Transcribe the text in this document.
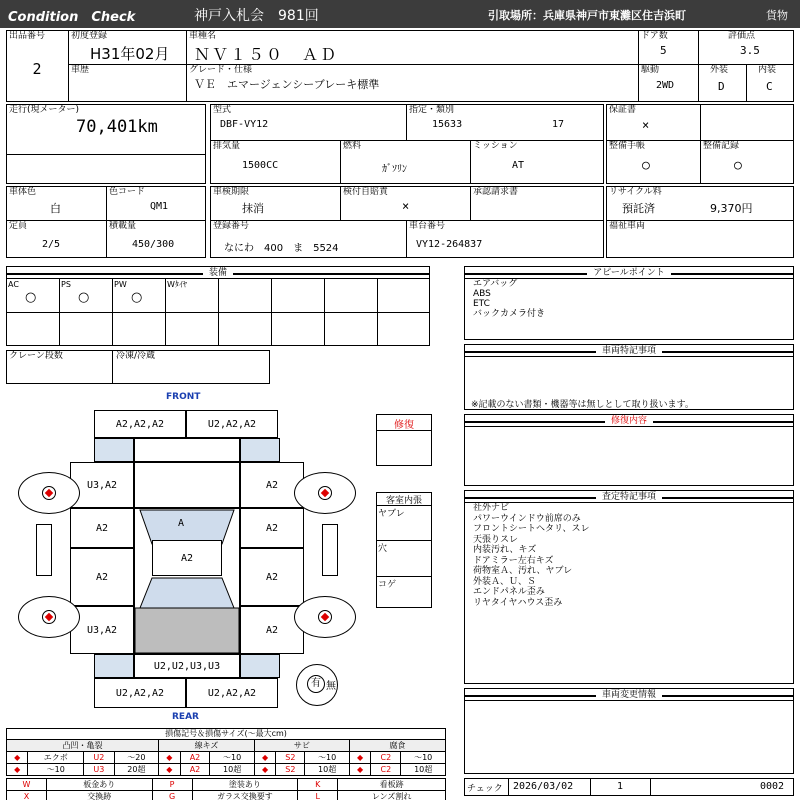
Condition　Check	神戸入札会　981回	引取場所：兵庫県神戸市東灘区住吉浜町	貨物
出品番号
2
初度登録
H31年02月
車種名
ＮＶ１５０　ＡＤ
ドア数
5
評価点
3.5
車歴	グレード・仕様
ＶＥ　エマージェンシーブレーキ標準
駆動
2WD
外装
D
内装
C
走行(現メーター)
70,401km
型式
DBF-VY12
指定・類別
15633	17
排気量
1500CC
燃料
ｶﾞｿﾘﾝ
ミッション
AT
保証書
×
整備手帳
○
整備記録
○
車体色
白
色コード
QM1
定員
2/5
積載量
450/300
車検期限
抹消
検付自賠責
×
承認請求書
登録番号
なにわ　400　ま　5524
車台番号
VY12-264837
リサイクル料
預託済	9,370円
福祉車両
装備
AC
○
PS
○
PW
○
Wﾀｲﾔ
クレーン段数	冷凍/冷蔵
アピールポイント
エアバッグ
ABS
ETC
バックカメラ付き
車両特記事項
※記載のない書類・機器等は無しとして取り扱います。
修復内容
査定特記事項
社外ナビ
パワーウインドウ前席のみ
フロントシートヘタリ、スレ
天張りスレ
内装汚れ、キズ
ドアミラー左右キズ
荷物室Ａ、汚れ、ヤブレ
外装Ａ、Ｕ、Ｓ
エンドパネル歪み
リヤタイヤハウス歪み
車両変更情報
チェック 2026/03/02	1	0002
修復
客室内張
ヤブレ
穴
コゲ
FRONT
REAR
A2,A2,A2	U2,A2,A2
U3,A2	A2
A2	A2
A2	A2
U3,A2	A2
A
A2
U2,U2,U3,U3
U2,A2,A2	U2,A2,A2
有 無
損傷記号＆損傷サイズ(～最大cm)
凸凹・亀裂				線キズ			サビ			腐食		
◆	エクボ	U2	～20	◆	A2	～10	◆	S2	～10	◆	C2	～10
◆	～10	U3	20超	◆	A2	10超	◆	S2	10超	◆	C2	10超
W	板金あり	P	塗装あり	K	看板跡
X	交換跡	G	ガラス交換要す	L	レンズ割れ
